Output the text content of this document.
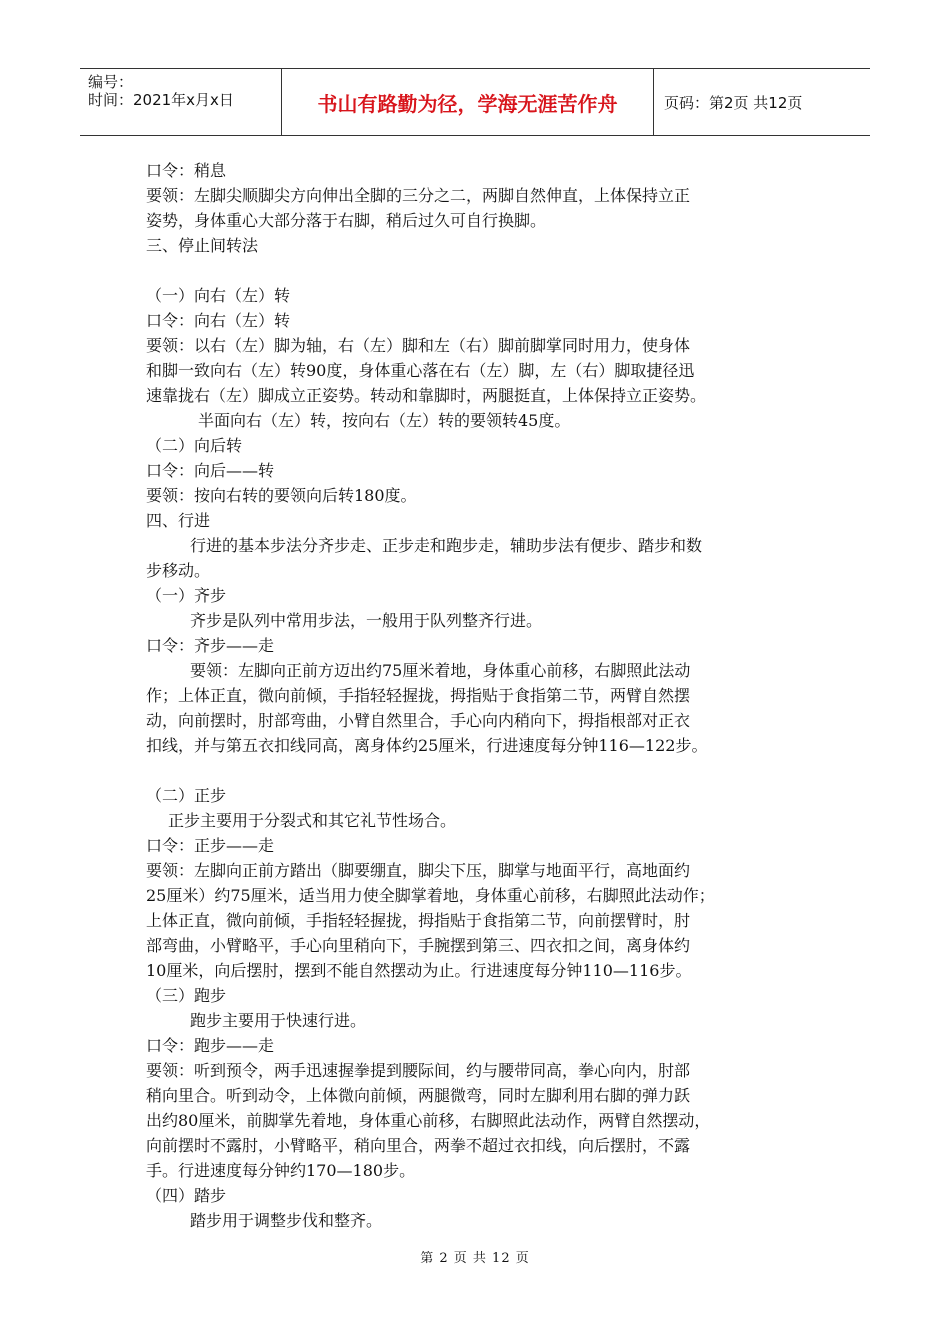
编号：
时间：2021年x月x日	书山有路勤为径，学海无涯苦作舟	页码：第2页 共12页
口令：稍息
要领：左脚尖顺脚尖方向伸出全脚的三分之二，两脚自然伸直，上体保持立正
姿势，身体重心大部分落于右脚，稍后过久可自行换脚。
三、停止间转法
（一）向右（左）转
口令：向右（左）转
要领：以右（左）脚为轴，右（左）脚和左（右）脚前脚掌同时用力，使身体
和脚一致向右（左）转90度，身体重心落在右（左）脚，左（右）脚取捷径迅
速靠拢右（左）脚成立正姿势。转动和靠脚时，两腿挺直，上体保持立正姿势。
半面向右（左）转，按向右（左）转的要领转45度。
（二）向后转
口令：向后——转
要领：按向右转的要领向后转180度。
四、行进
行进的基本步法分齐步走、正步走和跑步走，辅助步法有便步、踏步和数
步移动。
（一）齐步
齐步是队列中常用步法，一般用于队列整齐行进。
口令：齐步——走
要领：左脚向正前方迈出约75厘米着地，身体重心前移，右脚照此法动
作；上体正直，微向前倾，手指轻轻握拢，拇指贴于食指第二节，两臂自然摆
动，向前摆时，肘部弯曲，小臂自然里合，手心向内稍向下，拇指根部对正衣
扣线，并与第五衣扣线同高，离身体约25厘米，行进速度每分钟116—122步。
（二）正步
正步主要用于分裂式和其它礼节性场合。
口令：正步——走
要领：左脚向正前方踏出（脚要绷直，脚尖下压，脚掌与地面平行，高地面约
25厘米）约75厘米，适当用力使全脚掌着地，身体重心前移，右脚照此法动作；
上体正直，微向前倾，手指轻轻握拢，拇指贴于食指第二节，向前摆臂时，肘
部弯曲，小臂略平，手心向里稍向下，手腕摆到第三、四衣扣之间，离身体约
10厘米，向后摆肘，摆到不能自然摆动为止。行进速度每分钟110—116步。
（三）跑步
跑步主要用于快速行进。
口令：跑步——走
要领：听到预令，两手迅速握拳提到腰际间，约与腰带同高，拳心向内，肘部
稍向里合。听到动令，上体微向前倾，两腿微弯，同时左脚利用右脚的弹力跃
出约80厘米，前脚掌先着地，身体重心前移，右脚照此法动作，两臂自然摆动，
向前摆时不露肘，小臂略平，稍向里合，两拳不超过衣扣线，向后摆肘，不露
手。行进速度每分钟约170—180步。
（四）踏步
踏步用于调整步伐和整齐。
第 2 页 共 12 页
